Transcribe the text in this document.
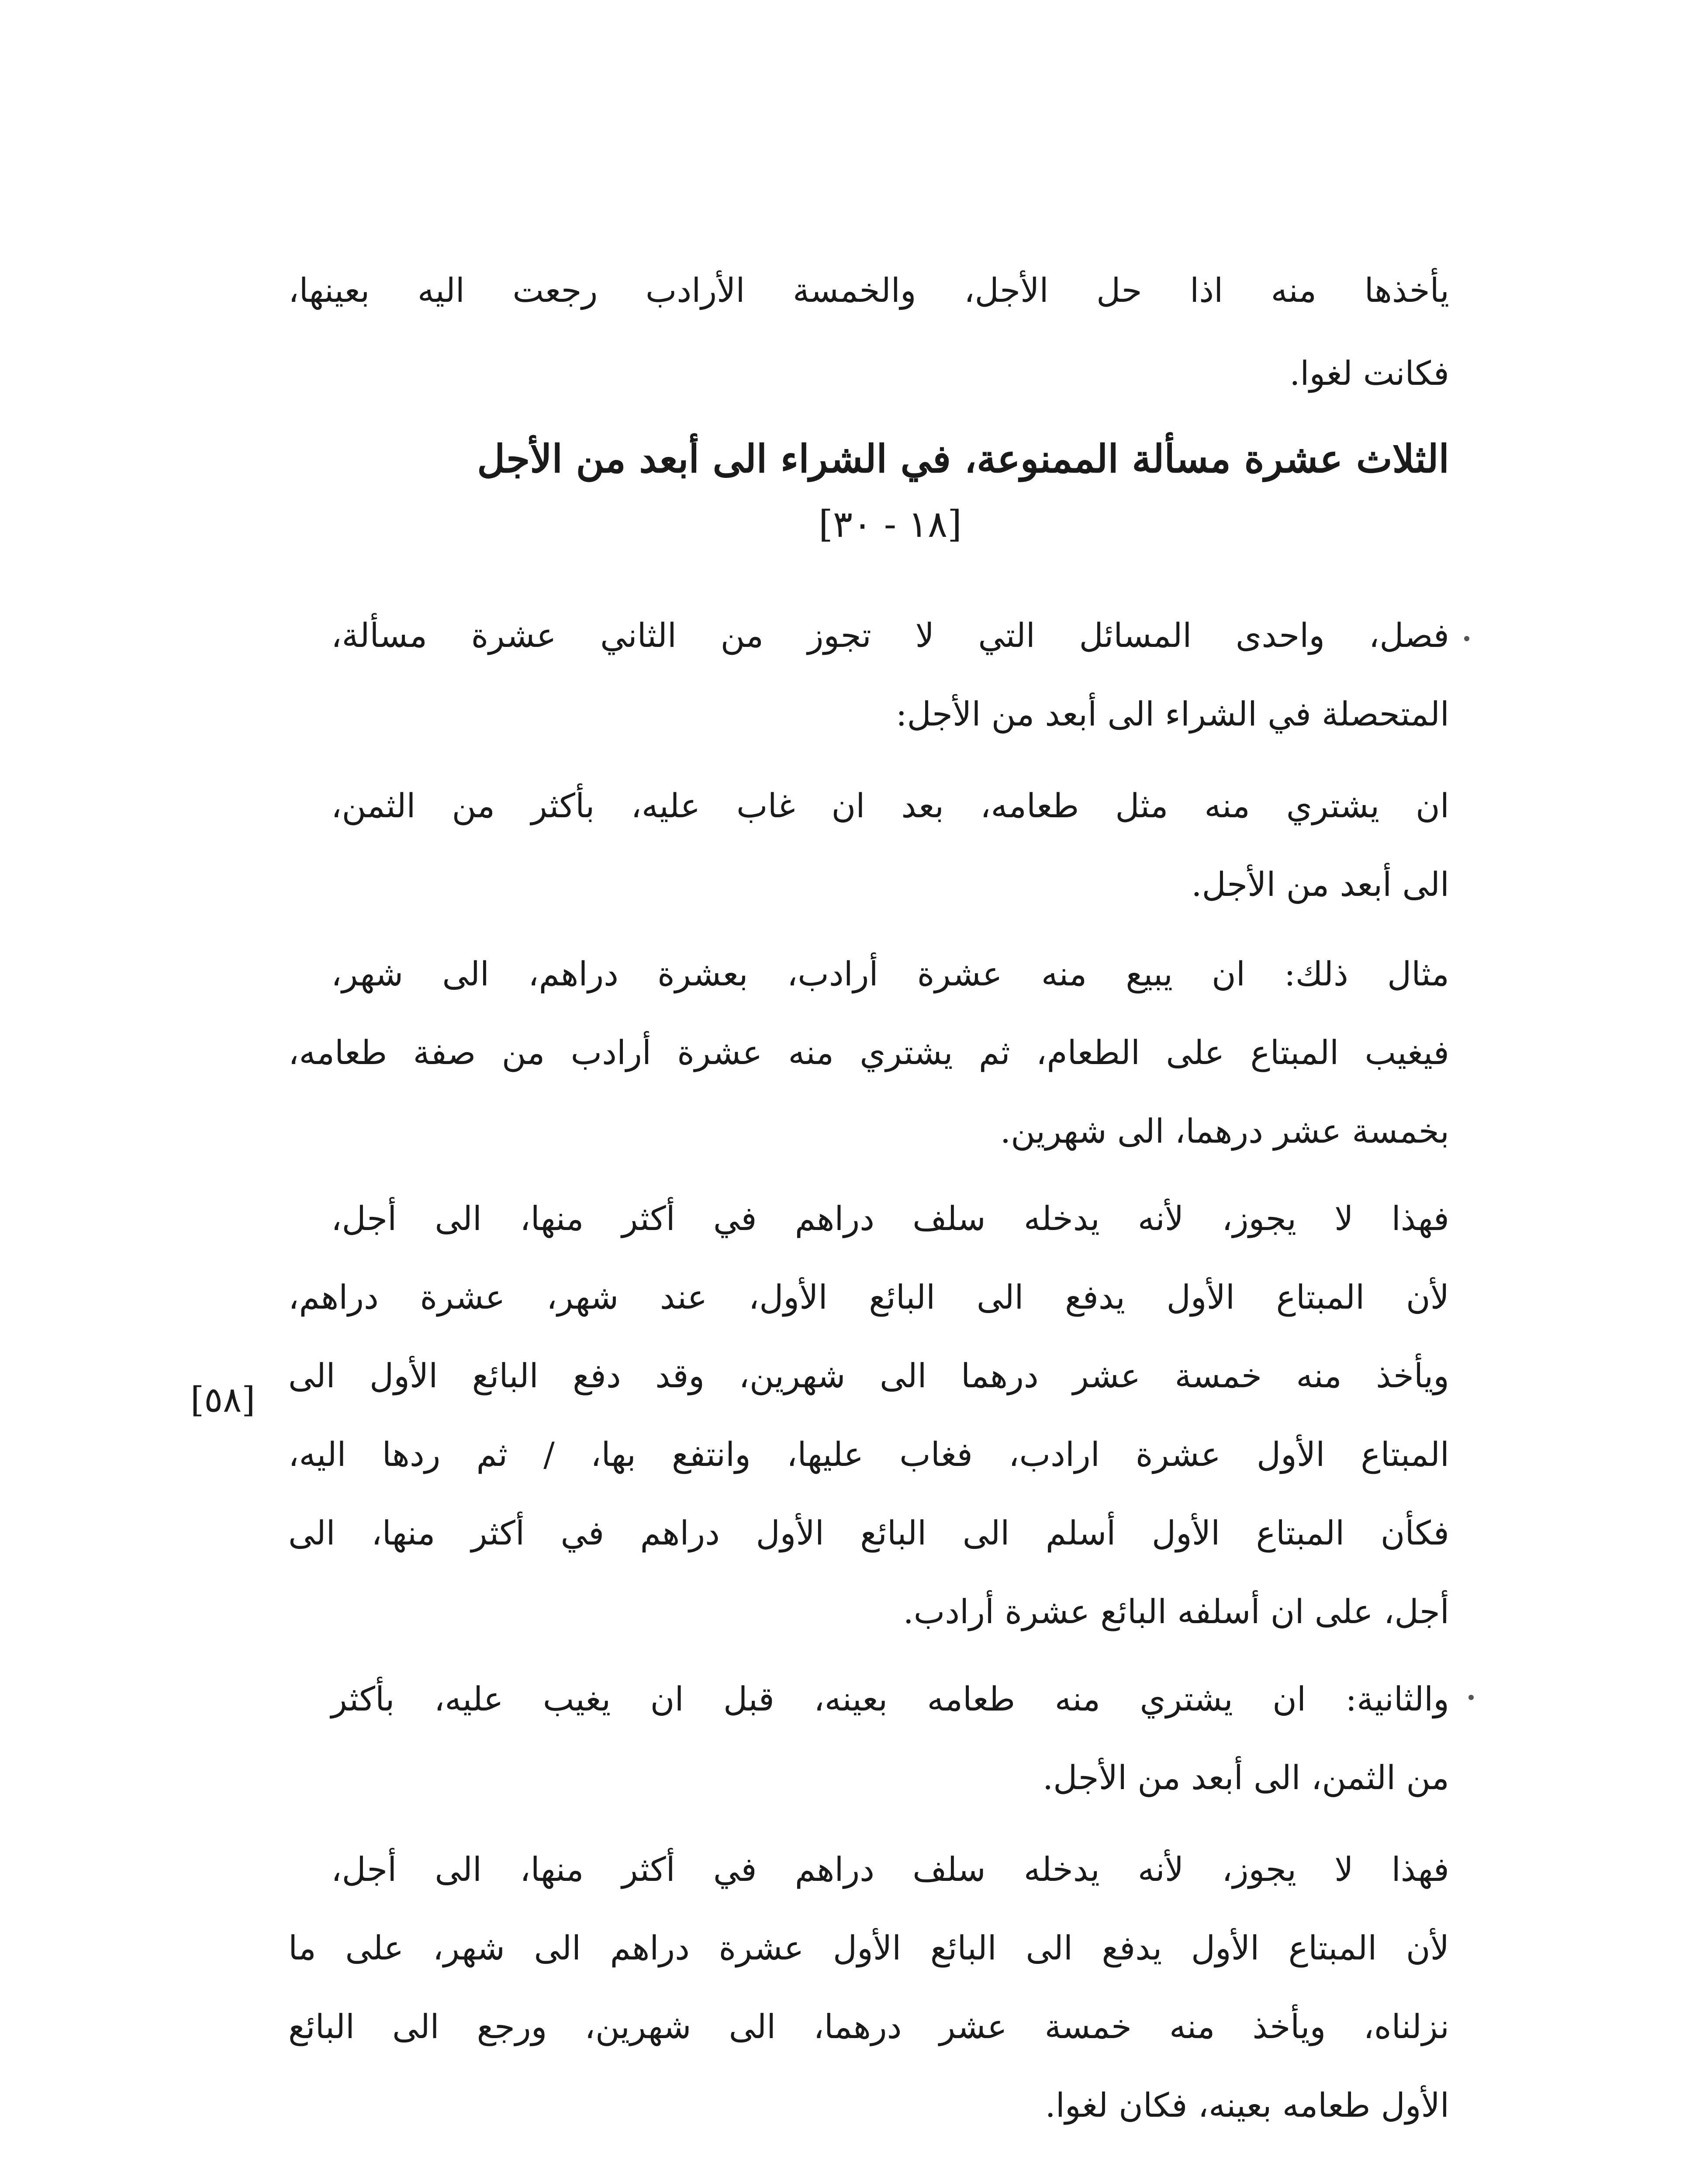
يأخذها منه اذا حل الأجل، والخمسة الأرادب رجعت اليه بعينها،
فكانت لغوا.
الثلاث عشرة مسألة الممنوعة، في الشراء الى أبعد من الأجل
[١٨ - ٣٠]
فصل، واحدى المسائل التي لا تجوز من الثاني عشرة مسألة،
المتحصلة في الشراء الى أبعد من الأجل:
ان يشتري منه مثل طعامه، بعد ان غاب عليه، بأكثر من الثمن،
الى أبعد من الأجل.
مثال ذلك: ان يبيع منه عشرة أرادب، بعشرة دراهم، الى شهر،
فيغيب المبتاع على الطعام، ثم يشتري منه عشرة أرادب من صفة طعامه،
بخمسة عشر درهما، الى شهرين.
فهذا لا يجوز، لأنه يدخله سلف دراهم في أكثر منها، الى أجل،
لأن المبتاع الأول يدفع الى البائع الأول، عند شهر، عشرة دراهم،
ويأخذ منه خمسة عشر درهما الى شهرين، وقد دفع البائع الأول الى
المبتاع الأول عشرة ارادب، فغاب عليها، وانتفع بها، / ثم ردها اليه،
فكأن المبتاع الأول أسلم الى البائع الأول دراهم في أكثر منها، الى
أجل، على ان أسلفه البائع عشرة أرادب.
[٥٨]
والثانية: ان يشتري منه طعامه بعينه، قبل ان يغيب عليه، بأكثر
من الثمن، الى أبعد من الأجل.
فهذا لا يجوز، لأنه يدخله سلف دراهم في أكثر منها، الى أجل،
لأن المبتاع الأول يدفع الى البائع الأول عشرة دراهم الى شهر، على ما
نزلناه، ويأخذ منه خمسة عشر درهما، الى شهرين، ورجع الى البائع
الأول طعامه بعينه، فكان لغوا.
